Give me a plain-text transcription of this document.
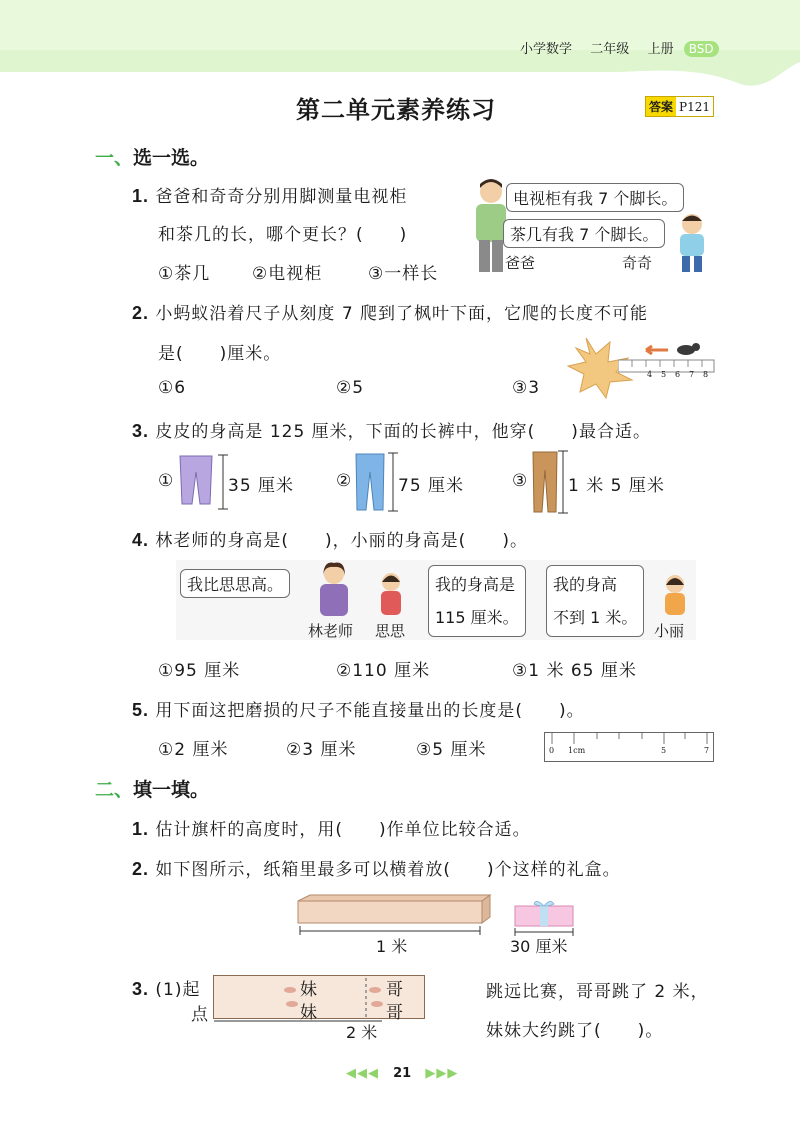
小学数学 二年级 上册 BSD
第二单元素养练习	答案 P121
一、选一选。
1. 爸爸和奇奇分别用脚测量电视柜
和茶几的长，哪个更长？(　　)
①茶几 ②电视柜	③一样长
电视柜有我 7 个脚长。
茶几有我 7 个脚长。
爸爸	奇奇
2. 小蚂蚁沿着尺子从刻度 7 爬到了枫叶下面，它爬的长度不可能
是(　　)厘米。
①6	②5	③3
4 5 6 7 8
3. 皮皮的身高是 125 厘米，下面的长裤中，他穿(　　)最合适。
①	35 厘米 ②	75 厘米	③ 1 米 5 厘米
4. 林老师的身高是(　　)，小丽的身高是(　　)。
我比思思高。	我的身高是
115 厘米。
我的身高
不到 1 米。
林老师 思思	小丽
①95 厘米	②110 厘米	③1 米 65 厘米
5. 用下面这把磨损的尺子不能直接量出的长度是(　　)。
①2 厘米	②3 厘米	③5 厘米	0 1cm	5	7
二、填一填。
1. 估计旗杆的高度时，用(　　)作单位比较合适。
2. 如下图所示，纸箱里最多可以横着放(　　)个这样的礼盒。
1 米	30 厘米
3. (1)起
点
妹
妹
哥
哥
2 米
跳远比赛，哥哥跳了 2 米，
妹妹大约跳了(　　)。
◀◀◀ 21 ▶▶▶
